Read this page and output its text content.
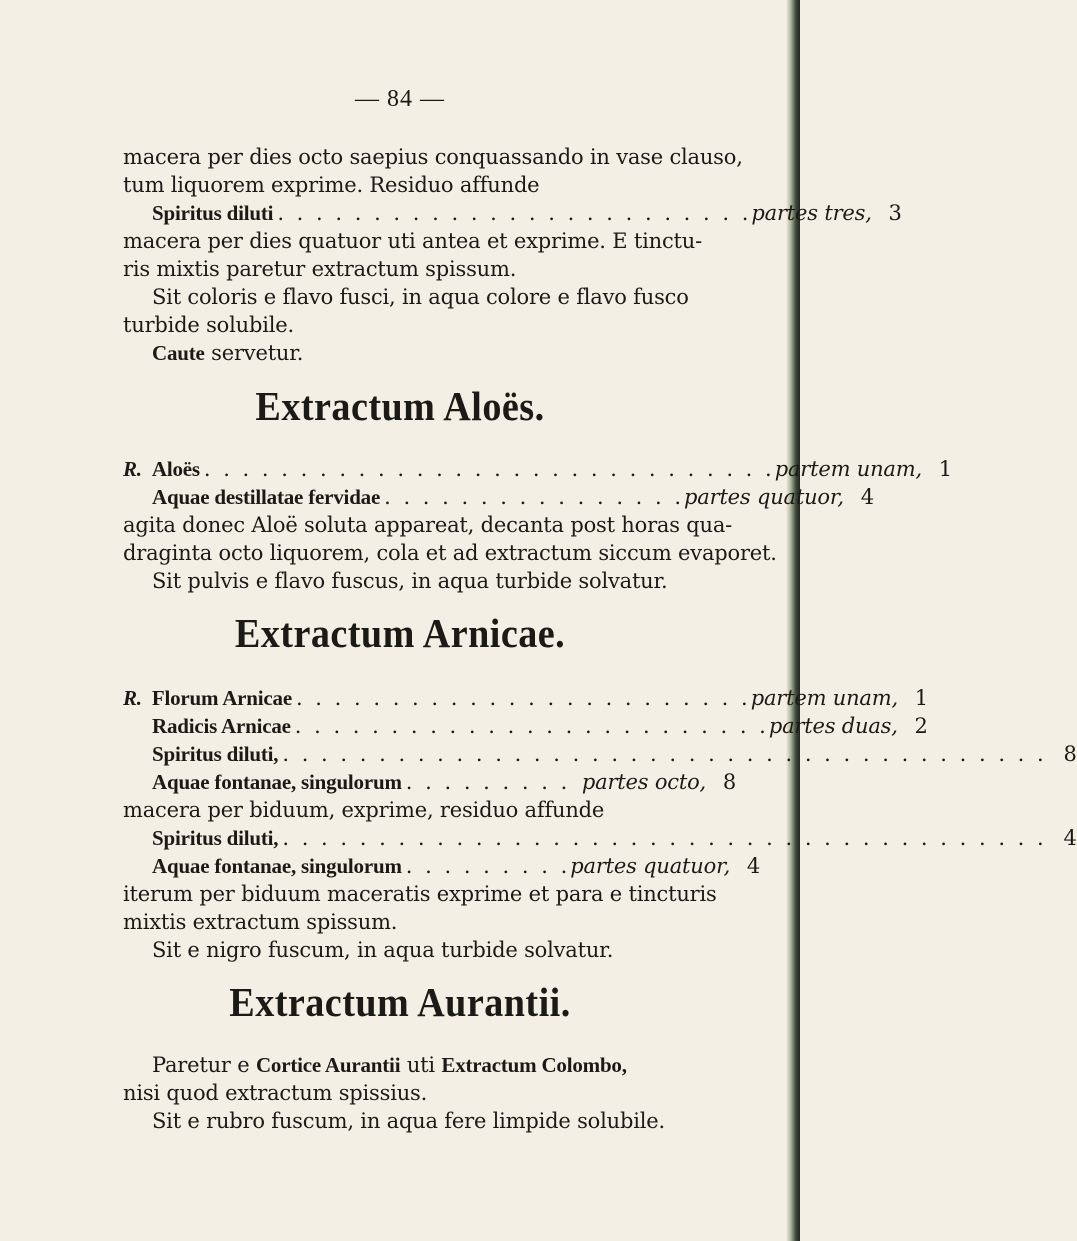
— 84 —
macera per dies octo saepius conquassando in vase clauso,
tum liquorem exprime. Residuo affunde
Spiritus diluti . . . . . . . . . . . . . . . . . . . . . . . . . partes tres, 3
macera per dies quatuor uti antea et exprime. E tinctu-
ris mixtis paretur extractum spissum.
Sit coloris e flavo fusci, in aqua colore e flavo fusco
turbide solubile.
Caute servetur.
Extractum Aloës.
R. Aloës . . . . . . . . . . . . . . . . . . . . . . . . . . . . . . partem unam, 1
Aquae destillatae fervidae . . . . . . . . . . . . . . . . partes quatuor, 4
agita donec Aloë soluta appareat, decanta post horas qua-
draginta octo liquorem, cola et ad extractum siccum evaporet.
Sit pulvis e flavo fuscus, in aqua turbide solvatur.
Extractum Arnicae.
R. Florum Arnicae . . . . . . . . . . . . . . . . . . . . . . . . partem unam, 1
Radicis Arnicae . . . . . . . . . . . . . . . . . . . . . . . . . partes duas, 2
Spiritus diluti, . . . . . . . . . . . . . . . . . . . . . . . . . . . . . . . . . . . . . . . . 8
Aquae fontanae, singulorum . . . . . . . . . partes octo, 8
macera per biduum, exprime, residuo affunde
Spiritus diluti, . . . . . . . . . . . . . . . . . . . . . . . . . . . . . . . . . . . . . . . . 4
Aquae fontanae, singulorum . . . . . . . . . partes quatuor, 4
iterum per biduum maceratis exprime et para e tincturis
mixtis extractum spissum.
Sit e nigro fuscum, in aqua turbide solvatur.
Extractum Aurantii.
Paretur e Cortice Aurantii uti Extractum Colombo,
nisi quod extractum spissius.
Sit e rubro fuscum, in aqua fere limpide solubile.
